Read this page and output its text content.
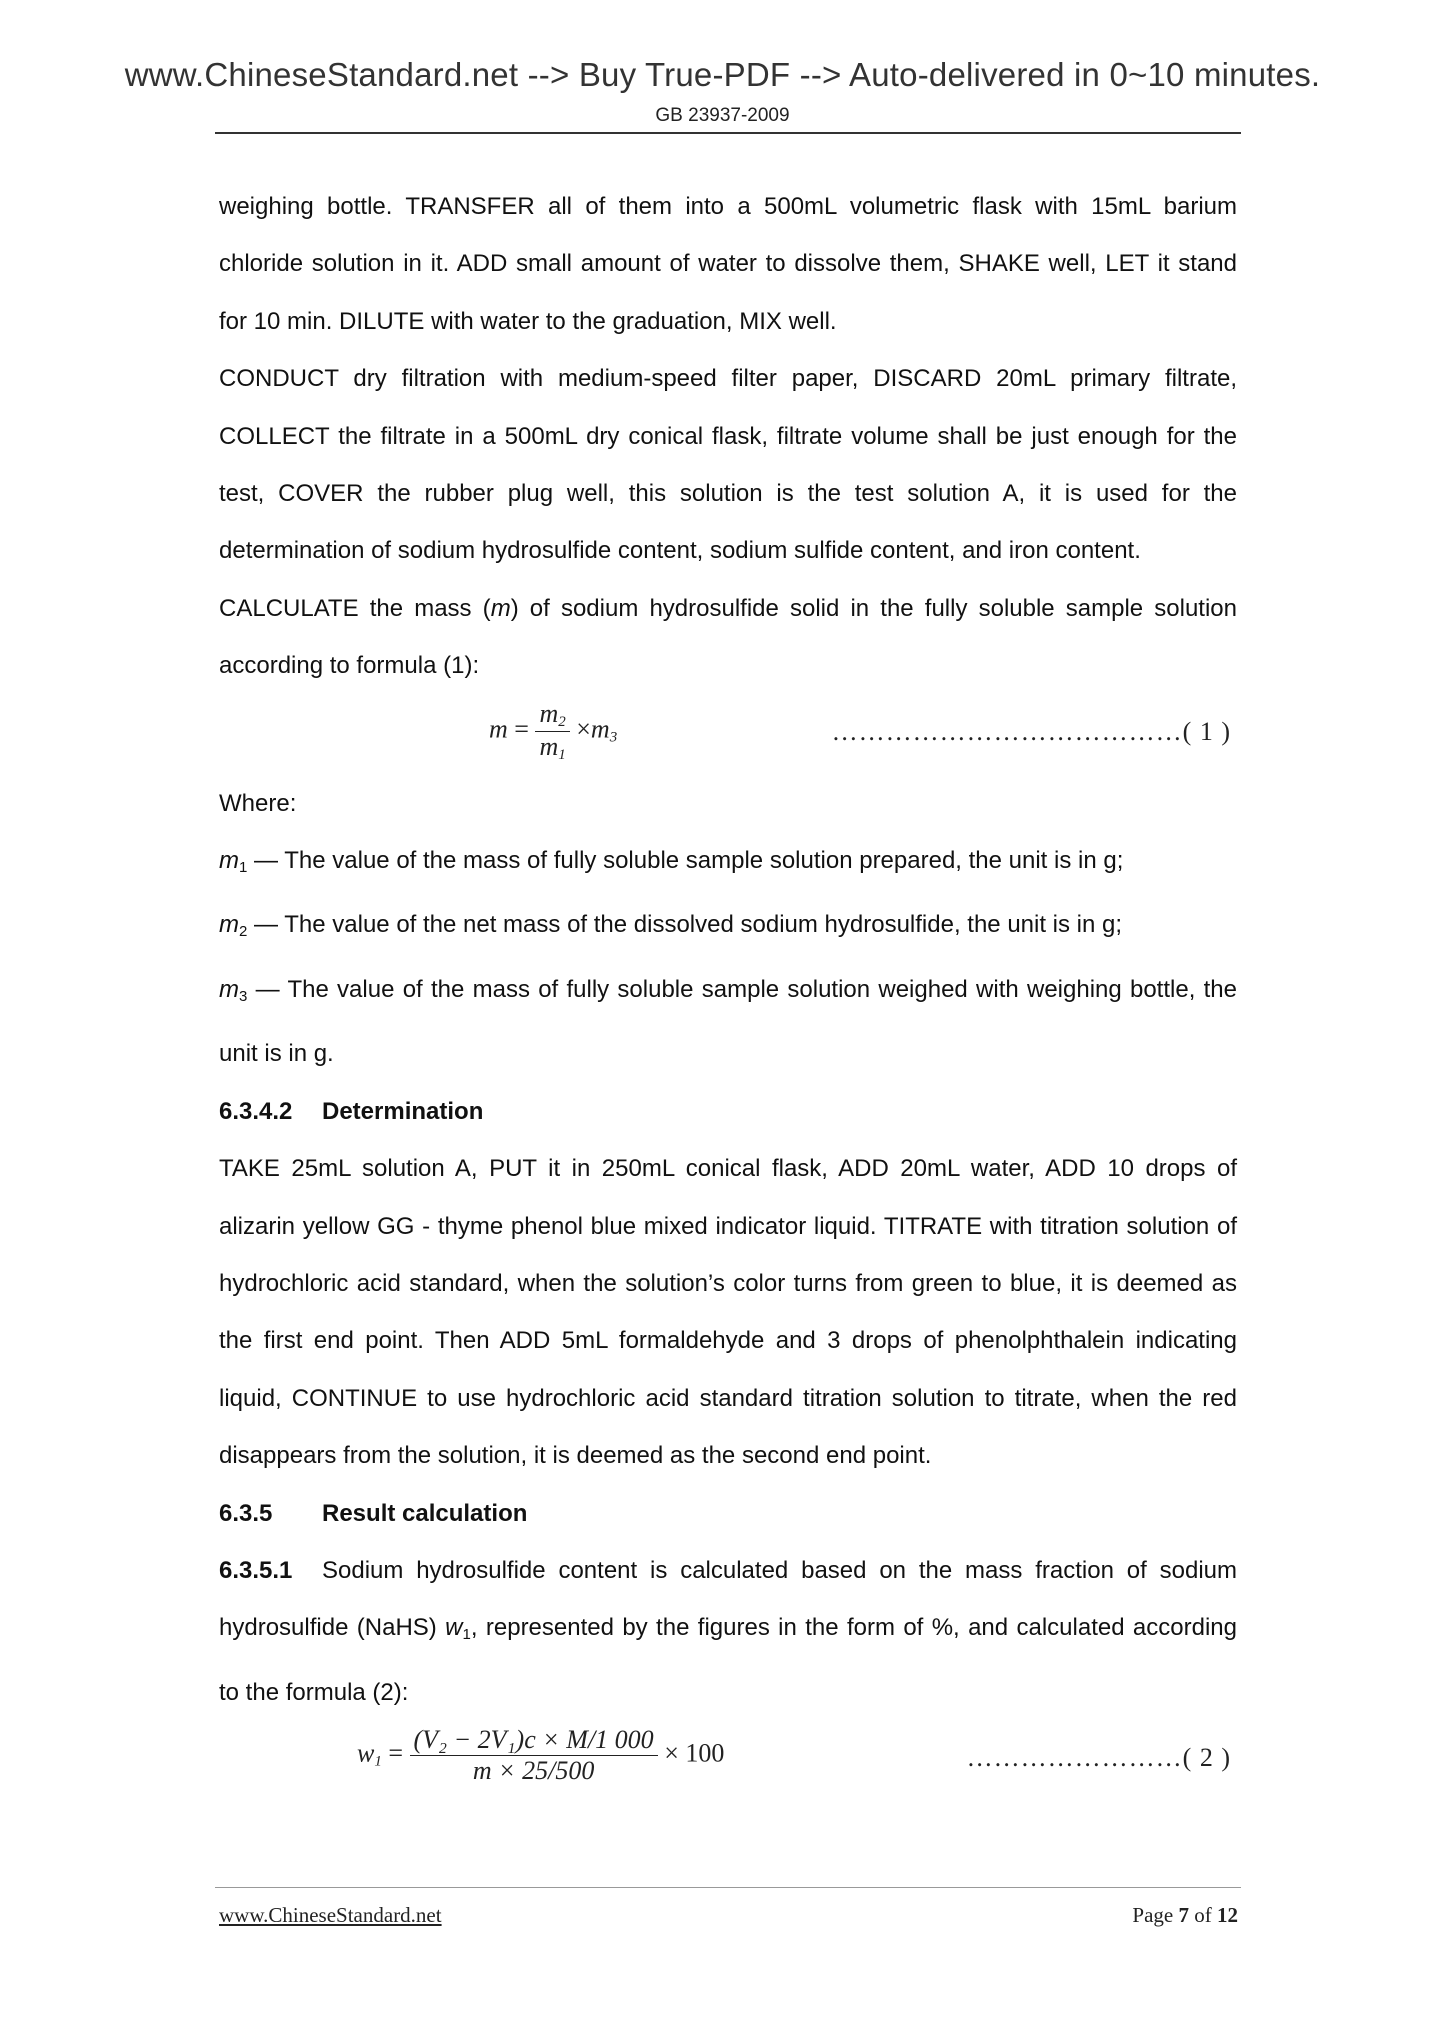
www.ChineseStandard.net --> Buy True-PDF --> Auto-delivered in 0~10 minutes.
GB 23937-2009

weighing bottle. TRANSFER all of them into a 500mL volumetric flask with 15mL barium chloride solution in it. ADD small amount of water to dissolve them, SHAKE well, LET it stand for 10 min. DILUTE with water to the graduation, MIX well.

CONDUCT dry filtration with medium-speed filter paper, DISCARD 20mL primary filtrate, COLLECT the filtrate in a 500mL dry conical flask, filtrate volume shall be just enough for the test, COVER the rubber plug well, this solution is the test solution A, it is used for the determination of sodium hydrosulfide content, sodium sulfide content, and iron content.

CALCULATE the mass (m) of sodium hydrosulfide solid in the fully soluble sample solution according to formula (1):

$m = \frac{m_2}{m_1} \times m_3$	…………………………………( 1 )

Where:

$m_1$ — The value of the mass of fully soluble sample solution prepared, the unit is in g;

$m_2$ — The value of the net mass of the dissolved sodium hydrosulfide, the unit is in g;

$m_3$ — The value of the mass of fully soluble sample solution weighed with weighing bottle, the unit is in g.

6.3.4.2 Determination

TAKE 25mL solution A, PUT it in 250mL conical flask, ADD 20mL water, ADD 10 drops of alizarin yellow GG - thyme phenol blue mixed indicator liquid. TITRATE with titration solution of hydrochloric acid standard, when the solution’s color turns from green to blue, it is deemed as the first end point. Then ADD 5mL formaldehyde and 3 drops of phenolphthalein indicating liquid, CONTINUE to use hydrochloric acid standard titration solution to titrate, when the red disappears from the solution, it is deemed as the second end point.

6.3.5 Result calculation

6.3.5.1 Sodium hydrosulfide content is calculated based on the mass fraction of sodium hydrosulfide (NaHS) $w_1$, represented by the figures in the form of %, and calculated according to the formula (2):

$w_1 = \frac{\text{(V₂ − 2V₁)c × M/1 000}}{m \times 25/500} \times 100$	……………………( 2 )
www.ChineseStandard.net	Page 7 of 12
